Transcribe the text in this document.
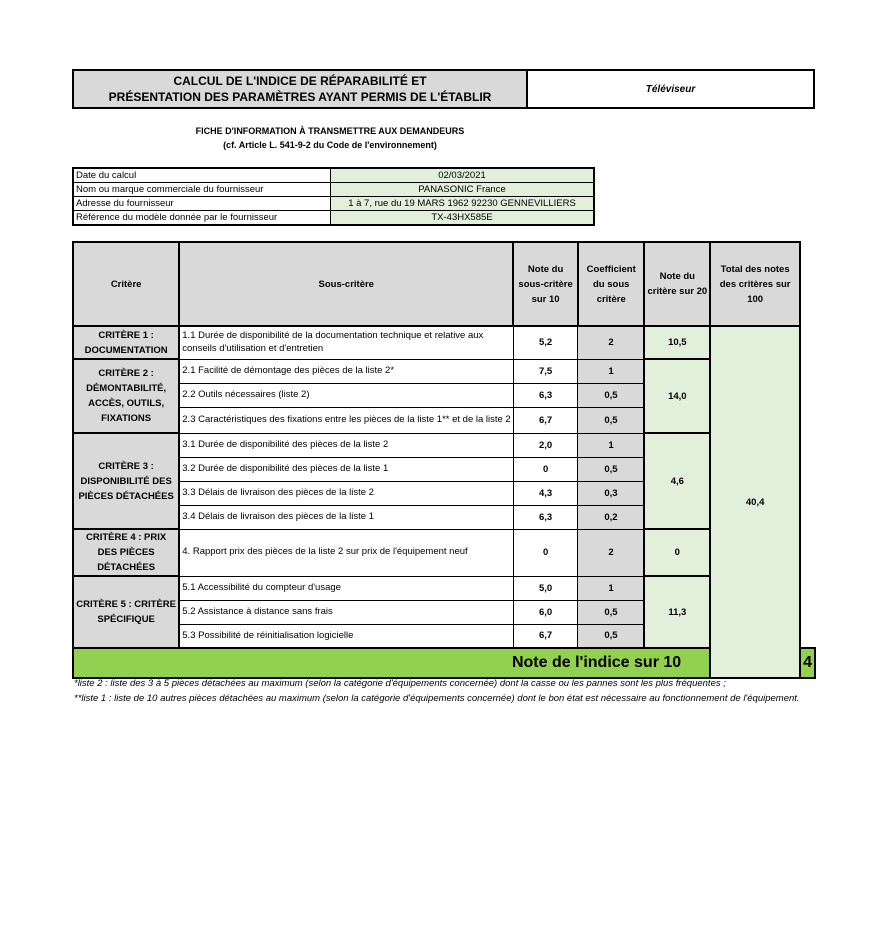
CALCUL DE L'INDICE DE RÉPARABILITÉ ET
PRÉSENTATION DES PARAMÈTRES AYANT PERMIS DE L'ÉTABLIR
Téléviseur
FICHE D'INFORMATION À TRANSMETTRE AUX DEMANDEURS
(cf. Article L. 541-9-2 du Code de l'environnement)
Date du calcul	02/03/2021
Nom ou marque commerciale du fournisseur	PANASONIC France
Adresse du fournisseur	1 à 7, rue du 19 MARS 1962 92230 GENNEVILLIERS
Référence du modèle donnée par le fournisseur	TX-43HX585E
Critère	Sous-critère	Note du sous-critère sur 10	Coefficient du sous critère	Note du critère sur 20	Total des notes des critères sur 100	
CRITÈRE 1 : DOCUMENTATION	1.1 Durée de disponibilité de la documentation technique et relative aux conseils d'utilisation et d'entretien	5,2	2	10,5	40,4	
CRITÈRE 2 : DÉMONTABILITÉ, ACCÈS, OUTILS, FIXATIONS	2.1 Facilité de démontage des pièces de la liste 2*	7,5	1	14,0		
	2.2 Outils nécessaires (liste 2)	6,3	0,5			
	2.3 Caractéristiques des fixations entre les pièces de la liste 1** et de la liste 2	6,7	0,5			
CRITÈRE 3 : DISPONIBILITÉ DES PIÈCES DÉTACHÉES	3.1 Durée de disponibilité des pièces de la liste 2	2,0	1	4,6		
	3.2 Durée de disponibilité des pièces de la liste 1	0	0,5			
	3.3 Délais de livraison des pièces de la liste 2	4,3	0,3			
	3.4 Délais de livraison des pièces de la liste 1	6,3	0,2			
CRITÈRE 4 : PRIX DES PIÈCES DÉTACHÉES	4. Rapport prix des pièces de la liste 2 sur prix de l'équipement neuf	0	2	0		
CRITÈRE 5 : CRITÈRE SPÉCIFIQUE	5.1 Accessibilité du compteur d'usage	5,0	1	11,3		
	5.2 Assistance à distance sans frais	6,0	0,5			
	5.3 Possibilité de réinitialisation logicielle	6,7	0,5			
Note de l'indice sur 10						4
*liste 2 : liste des 3 à 5 pièces détachées au maximum (selon la catégorie d'équipements concernée) dont la casse ou les pannes sont les plus fréquentes ;
**liste 1 : liste de 10 autres pièces détachées au maximum (selon la catégorie d'équipements concernée) dont le bon état est nécessaire au fonctionnement de l'équipement.
